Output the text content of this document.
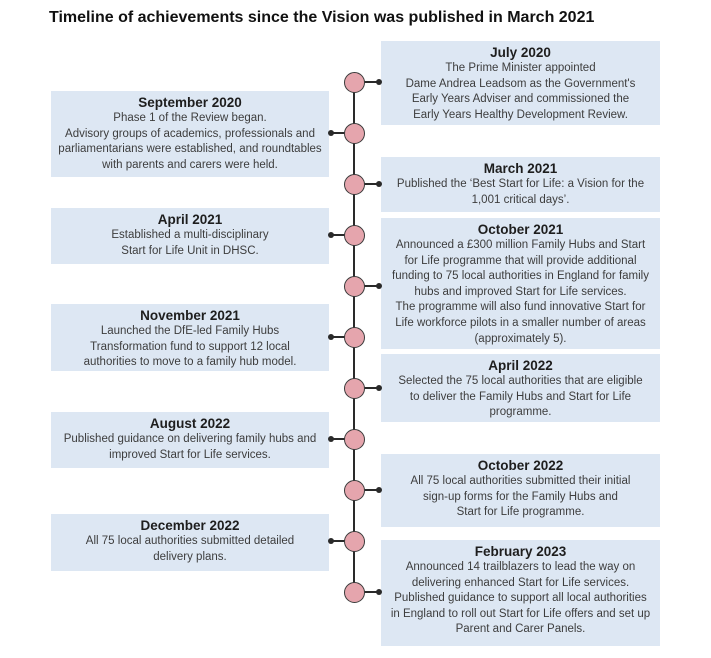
Timeline of achievements since the Vision was published in March 2021
July 2020
The Prime Minister appointed
Dame Andrea Leadsom as the Government's
Early Years Adviser and commissioned the
Early Years Healthy Development Review.
September 2020
Phase 1 of the Review began.
Advisory groups of academics, professionals and
parliamentarians were established, and roundtables
with parents and carers were held.	March 2021
Published the ‘Best Start for Life: a Vision for the
1,001 critical days’.
April 2021
Established a multi-disciplinary
Start for Life Unit in DHSC.
October 2021
Announced a £300 million Family Hubs and Start
for Life programme that will provide additional
funding to 75 local authorities in England for family
hubs and improved Start for Life services.
The programme will also fund innovative Start for
Life workforce pilots in a smaller number of areas
(approximately 5).
November 2021
Launched the DfE-led Family Hubs
Transformation fund to support 12 local
authorities to move to a family hub model.	April 2022
Selected the 75 local authorities that are eligible
to deliver the Family Hubs and Start for Life
programme.
August 2022
Published guidance on delivering family hubs and
improved Start for Life services.
October 2022
All 75 local authorities submitted their initial
sign-up forms for the Family Hubs and
Start for Life programme.
December 2022
All 75 local authorities submitted detailed
delivery plans.	February 2023
Announced 14 trailblazers to lead the way on
delivering enhanced Start for Life services.
Published guidance to support all local authorities
in England to roll out Start for Life offers and set up
Parent and Carer Panels.
